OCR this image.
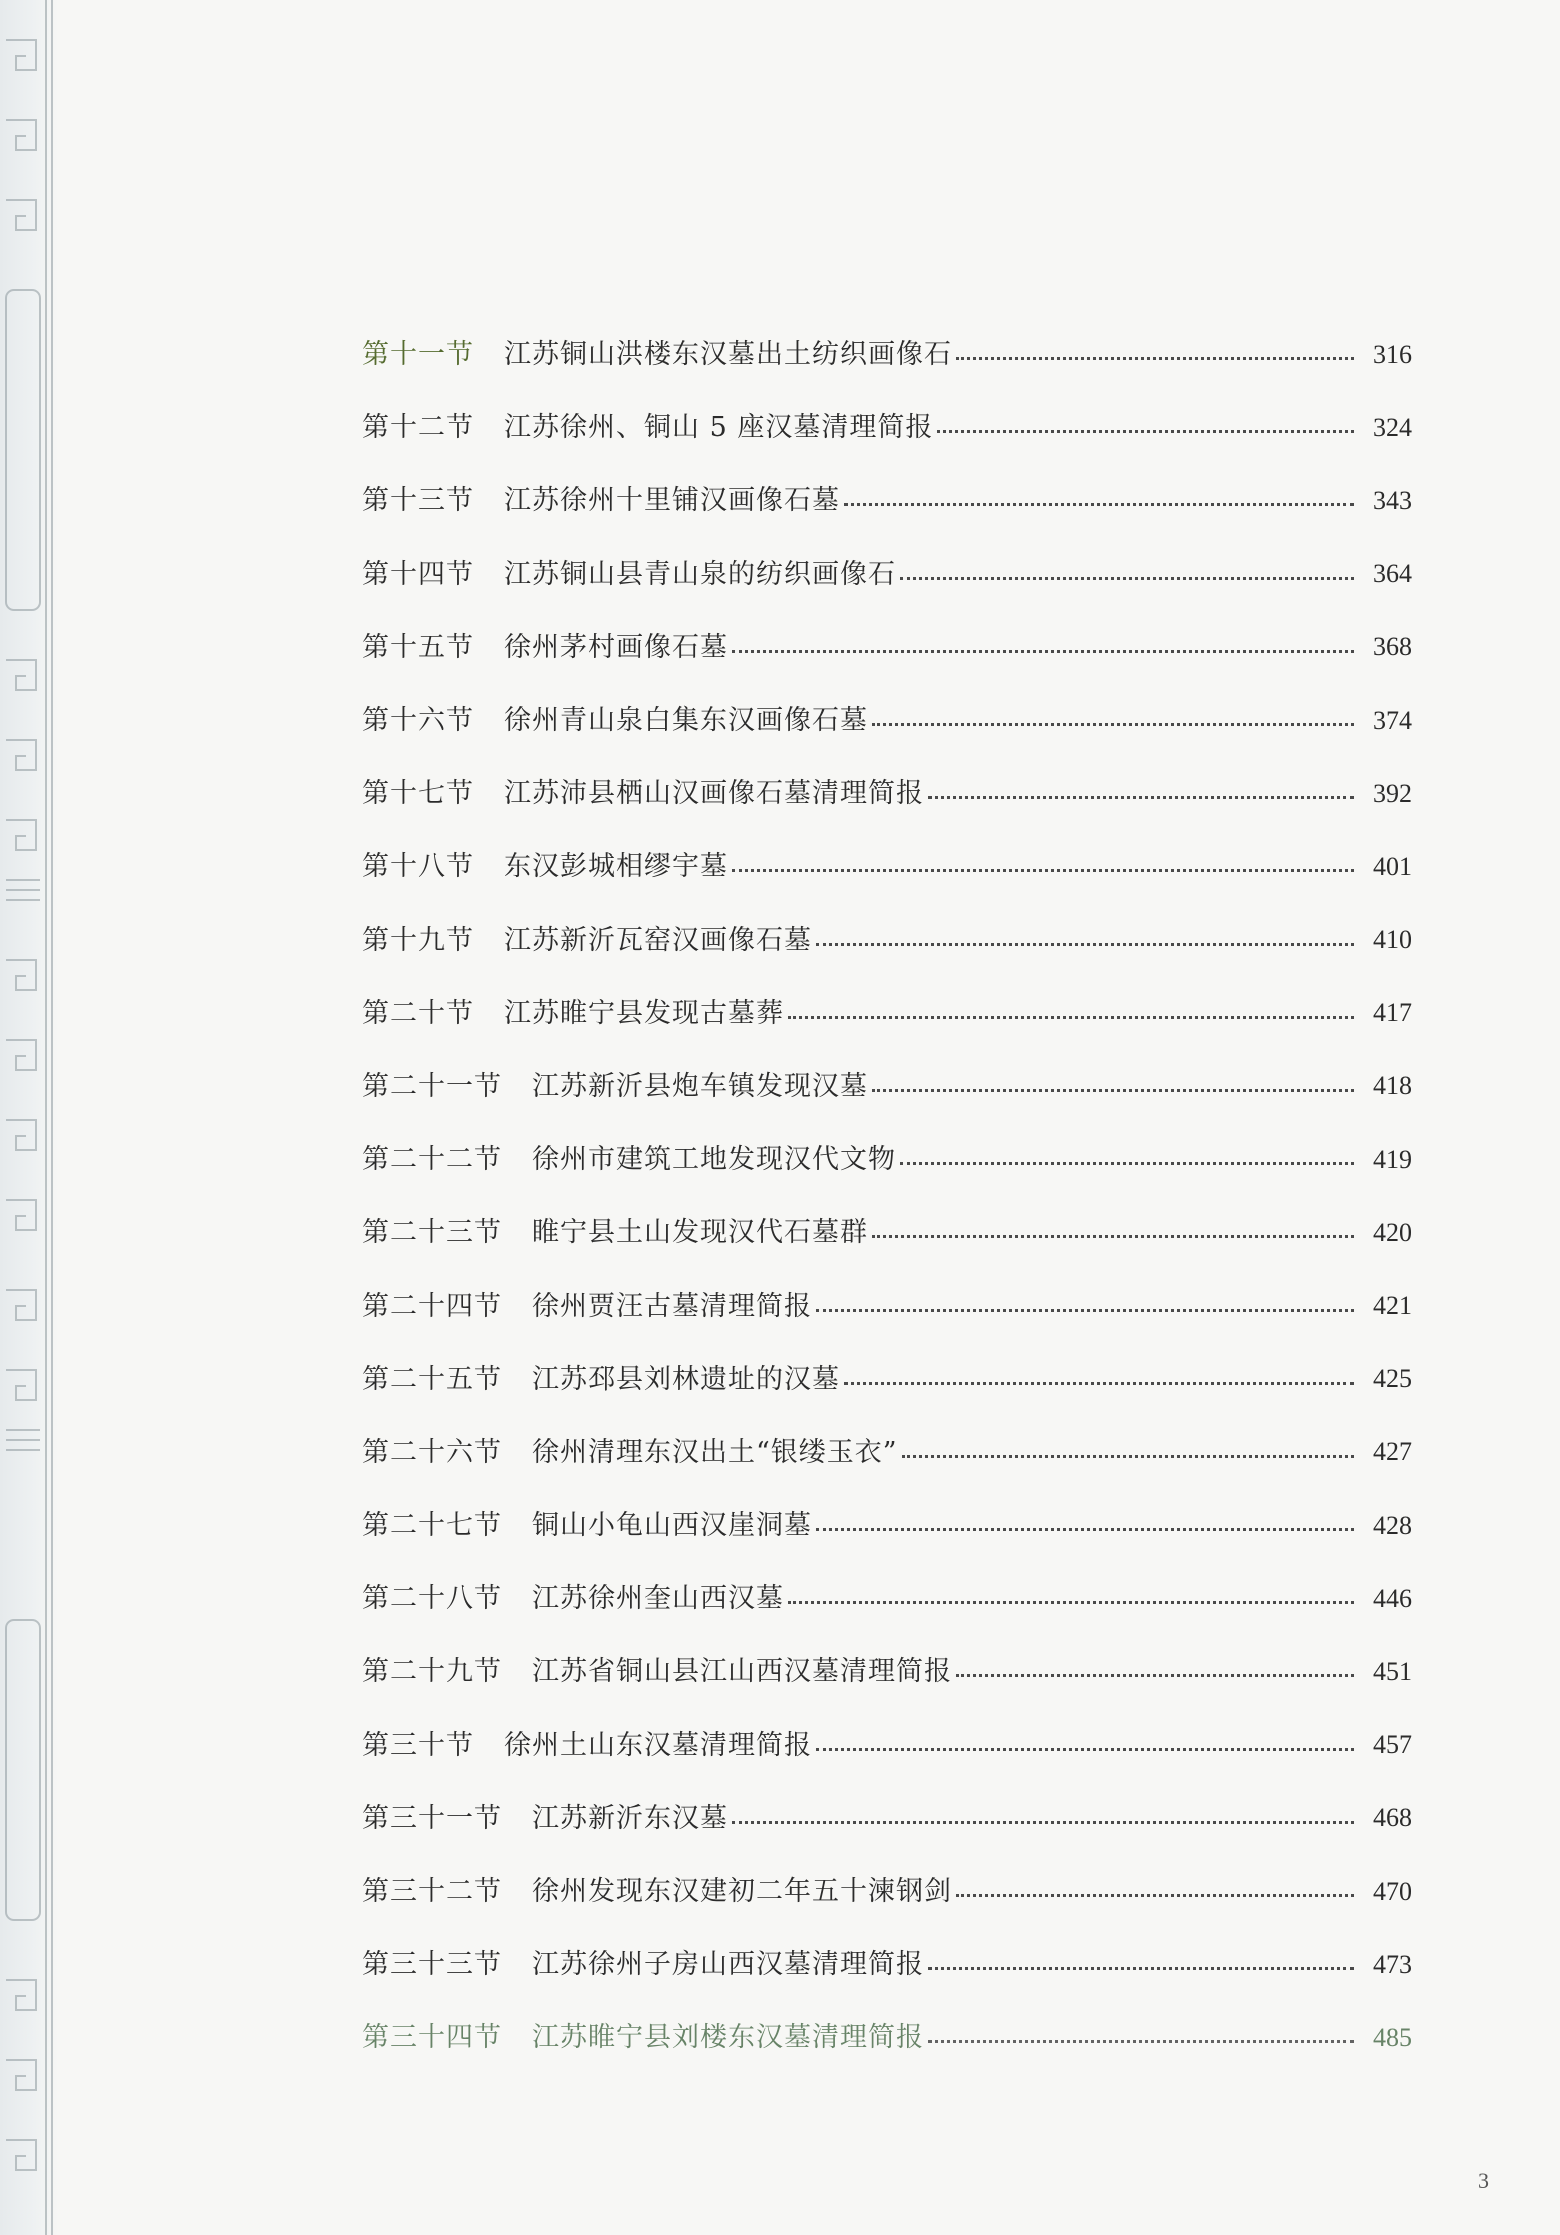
第十一节 江苏铜山洪楼东汉墓出土纺织画像石	316
第十二节 江苏徐州、铜山 5 座汉墓清理简报	324
第十三节 江苏徐州十里铺汉画像石墓	343
第十四节 江苏铜山县青山泉的纺织画像石	364
第十五节 徐州茅村画像石墓	368
第十六节 徐州青山泉白集东汉画像石墓	374
第十七节 江苏沛县栖山汉画像石墓清理简报	392
第十八节 东汉彭城相缪宇墓	401
第十九节 江苏新沂瓦窑汉画像石墓	410
第二十节 江苏睢宁县发现古墓葬	417
第二十一节 江苏新沂县炮车镇发现汉墓	418
第二十二节 徐州市建筑工地发现汉代文物	419
第二十三节 睢宁县土山发现汉代石墓群	420
第二十四节 徐州贾汪古墓清理简报	421
第二十五节 江苏邳县刘林遗址的汉墓	425
第二十六节 徐州清理东汉出土“银缕玉衣”	427
第二十七节 铜山小龟山西汉崖洞墓	428
第二十八节 江苏徐州奎山西汉墓	446
第二十九节 江苏省铜山县江山西汉墓清理简报	451
第三十节 徐州土山东汉墓清理简报	457
第三十一节 江苏新沂东汉墓	468
第三十二节 徐州发现东汉建初二年五十湅钢剑	470
第三十三节 江苏徐州子房山西汉墓清理简报	473
第三十四节 江苏睢宁县刘楼东汉墓清理简报	485
3
